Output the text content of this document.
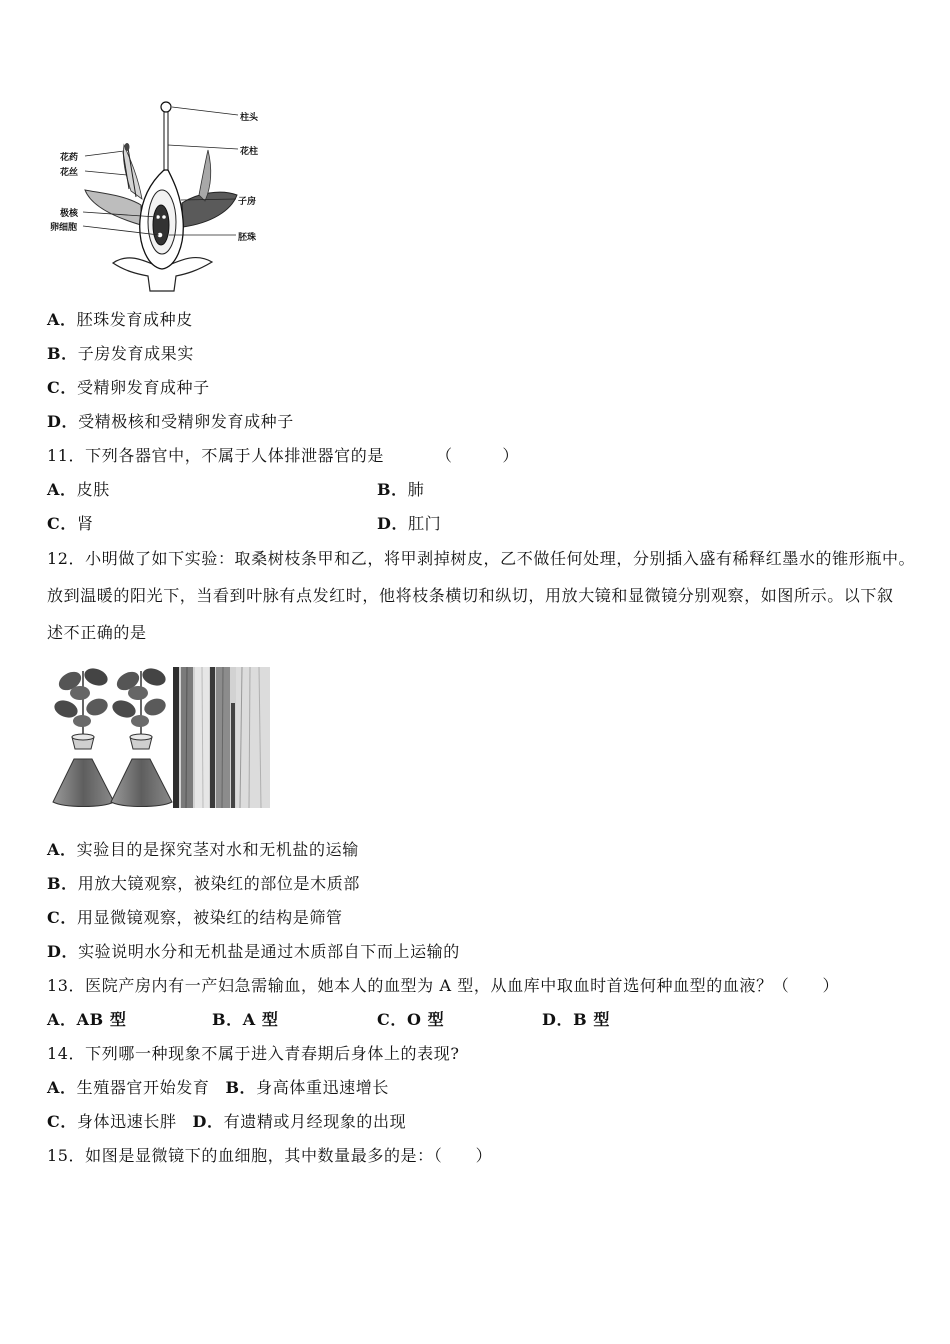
柱头
花柱
花药
花丝
子房
极核
卵细胞
胚珠
A．胚珠发育成种皮
B．子房发育成果实
C．受精卵发育成种子
D．受精极核和受精卵发育成种子
11．下列各器官中，不属于人体排泄器官的是	（　　　）
A．皮肤	B．肺
C．肾	D．肛门
12．小明做了如下实验：取桑树枝条甲和乙，将甲剥掉树皮，乙不做任何处理，分别插入盛有稀释红墨水的锥形瓶中。
放到温暖的阳光下，当看到叶脉有点发红时，他将枝条横切和纵切，用放大镜和显微镜分别观察，如图所示。以下叙
述不正确的是
A．实验目的是探究茎对水和无机盐的运输
B．用放大镜观察，被染红的部位是木质部
C．用显微镜观察，被染红的结构是筛管
D．实验说明水分和无机盐是通过木质部自下而上运输的
13．医院产房内有一产妇急需输血，她本人的血型为 A 型，从血库中取血时首选何种血型的血液？（　　）
A．AB 型	B．A 型	C．O 型	D．B 型
14．下列哪一种现象不属于进入青春期后身体上的表现?
A．生殖器官开始发育 B．身高体重迅速增长
C．身体迅速长胖 D．有遗精或月经现象的出现
15．如图是显微镜下的血细胞，其中数量最多的是：（　　）
